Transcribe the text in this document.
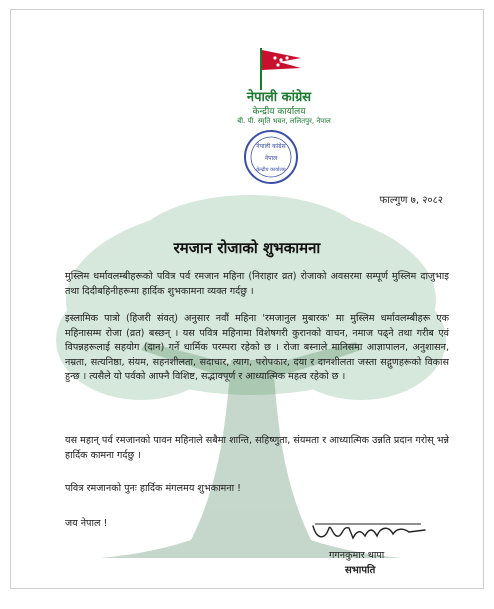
नेपाली कांग्रेस
केन्द्रीय कार्यालय
बी. पी. स्मृति भवन, ललितपुर, नेपाल
नेपाली कांग्रेस
नेपाल
केन्द्रीय कार्यालय
फाल्गुण ७, २०८२
रमजान रोजाको शुभकामना
मुस्लिम धर्मावलम्बीहरूको पवित्र पर्व रमजान महिना (निराहार व्रत) रोजाको अवसरमा सम्पूर्ण मुस्लिम दाजुभाइ तथा दिदीबहिनीहरूमा हार्दिक शुभकामना व्यक्त गर्दछु ।
इस्लामिक पात्रो (हिजरी संवत्) अनुसार नवौं महिना 'रमजानुल मुबारक' मा मुस्लिम धर्मावलम्बीहरू एक महिनासम्म रोजा (व्रत) बस्छन् । यस पवित्र महिनामा विशेषगरी कुरानको वाचन, नमाज पढ्ने तथा गरीब एवं विपन्नहरूलाई सहयोग (दान) गर्ने धार्मिक परम्परा रहेको छ । रोजा बस्नाले मानिसमा आज्ञापालन, अनुशासन, नम्रता, सत्यनिष्ठा, संयम, सहनशीलता, सदाचार, त्याग, परोपकार, दया र दानशीलता जस्ता सद्गुणहरूको विकास हुन्छ । त्यसैले यो पर्वको आफ्नै विशिष्ट, सद्भावपूर्ण र आध्यात्मिक महत्व रहेको छ ।
यस महान् पर्व रमजानको पावन महिनाले सबैमा शान्ति, सहिष्णुता, संयमता र आध्यात्मिक उन्नति प्रदान गरोस् भन्ने हार्दिक कामना गर्दछु ।
पवित्र रमजानको पुनः हार्दिक मंगलमय शुभकामना !
जय नेपाल !
गगनकुमार थापा
सभापति
